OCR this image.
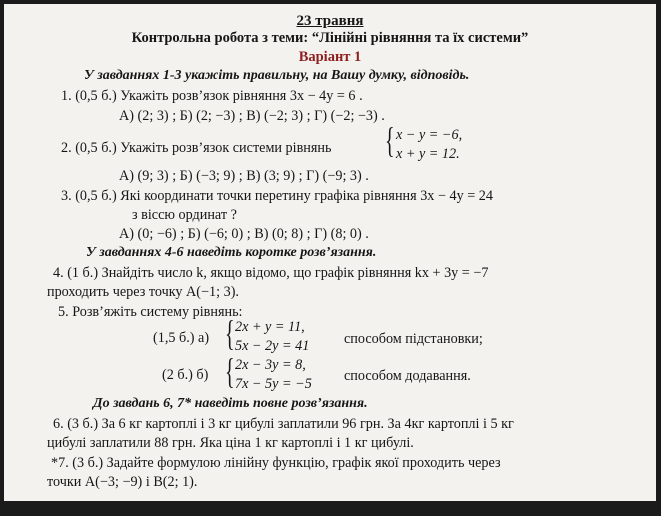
23 травня
Контрольна робота з теми: “Лінійні рівняння та їх системи”
Варіант 1
У завданнях 1-3 укажіть правильну, на Вашу думку, відповідь.
1. (0,5 б.) Укажіть розв’язок рівняння 3x − 4y = 6 .
А) (2; 3) ; Б) (2; −3) ; В) (−2; 3) ; Г) (−2; −3) .
2. (0,5 б.) Укажіть розв’язок системи рівнянь { x − y = −6,
x + y = 12.
А) (9; 3) ; Б) (−3; 9) ; В) (3; 9) ; Г) (−9; 3) .
3. (0,5 б.) Які координати точки перетину графіка рівняння 3x − 4y = 24
з віссю ординат ?
А) (0; −6) ; Б) (−6; 0) ; В) (0; 8) ; Г) (8; 0) .
У завданнях 4-6 наведіть коротке розв’язання.
4. (1 б.) Знайдіть число k, якщо відомо, що графік рівняння kx + 3y = −7
проходить через точку A(−1; 3).
5. Розв’яжіть систему рівнянь:
(1,5 б.) а) { 2x + y = 11,
5x − 2y = 41 способом підстановки;
(2 б.) б) { 2x − 3y = 8,
7x − 5y = −5 способом додавання.
До завдань 6, 7* наведіть повне розв’язання.
6. (3 б.) За 6 кг картоплі і 3 кг цибулі заплатили 96 грн. За 4кг картоплі і 5 кг
цибулі заплатили 88 грн. Яка ціна 1 кг картоплі і 1 кг цибулі.
*7. (3 б.) Задайте формулою лінійну функцію, графік якої проходить через
точки A(−3; −9) і B(2; 1).
